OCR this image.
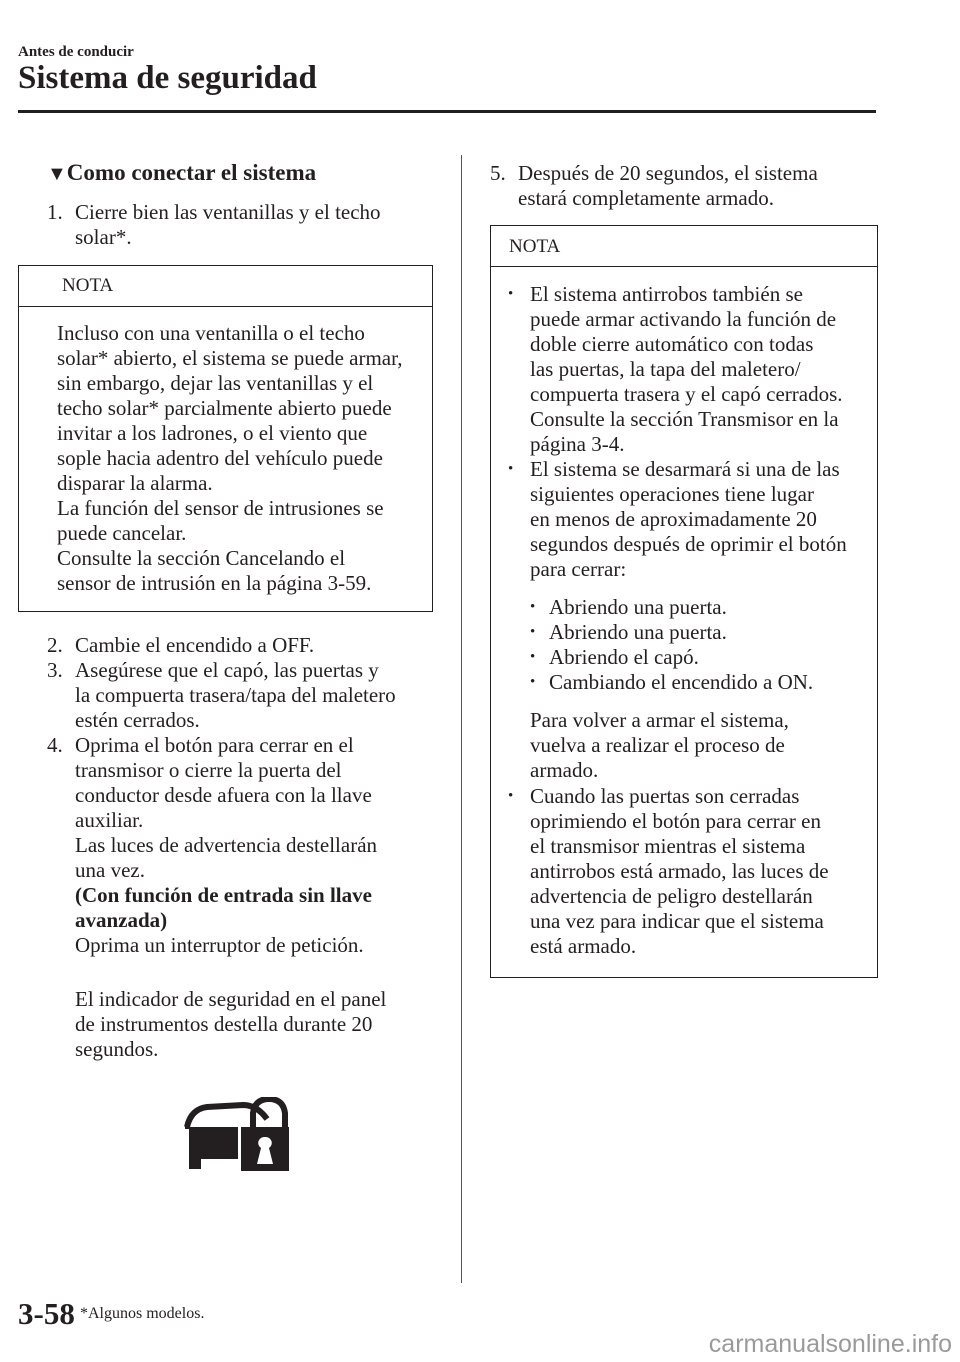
Antes de conducir
Sistema de seguridad
▼Como conectar el sistema
1. Cierre bien las ventanillas y el techo
solar*.
NOTA
Incluso con una ventanilla o el techo
solar* abierto, el sistema se puede armar,
sin embargo, dejar las ventanillas y el
techo solar* parcialmente abierto puede
invitar a los ladrones, o el viento que
sople hacia adentro del vehículo puede
disparar la alarma.
La función del sensor de intrusiones se
puede cancelar.
Consulte la sección Cancelando el
sensor de intrusión en la página 3-59.
2. Cambie el encendido a OFF.
3. Asegúrese que el capó, las puertas y
la compuerta trasera/tapa del maletero
estén cerrados.
4. Oprima el botón para cerrar en el
transmisor o cierre la puerta del
conductor desde afuera con la llave
auxiliar.
Las luces de advertencia destellarán
una vez.
(Con función de entrada sin llave
avanzada)
Oprima un interruptor de petición.
El indicador de seguridad en el panel
de instrumentos destella durante 20
segundos.
5. Después de 20 segundos, el sistema
estará completamente armado.
NOTA
• El sistema antirrobos también se
puede armar activando la función de
doble cierre automático con todas
las puertas, la tapa del maletero/
compuerta trasera y el capó cerrados.
Consulte la sección Transmisor en la
página 3-4.
• El sistema se desarmará si una de las
siguientes operaciones tiene lugar
en menos de aproximadamente 20
segundos después de oprimir el botón
para cerrar:
• Abriendo una puerta.
• Abriendo una puerta.
• Abriendo el capó.
• Cambiando el encendido a ON.
Para volver a armar el sistema,
vuelva a realizar el proceso de
armado.
• Cuando las puertas son cerradas
oprimiendo el botón para cerrar en
el transmisor mientras el sistema
antirrobos está armado, las luces de
advertencia de peligro destellarán
una vez para indicar que el sistema
está armado.
3-58 *Algunos modelos.
carmanualsonline.info
